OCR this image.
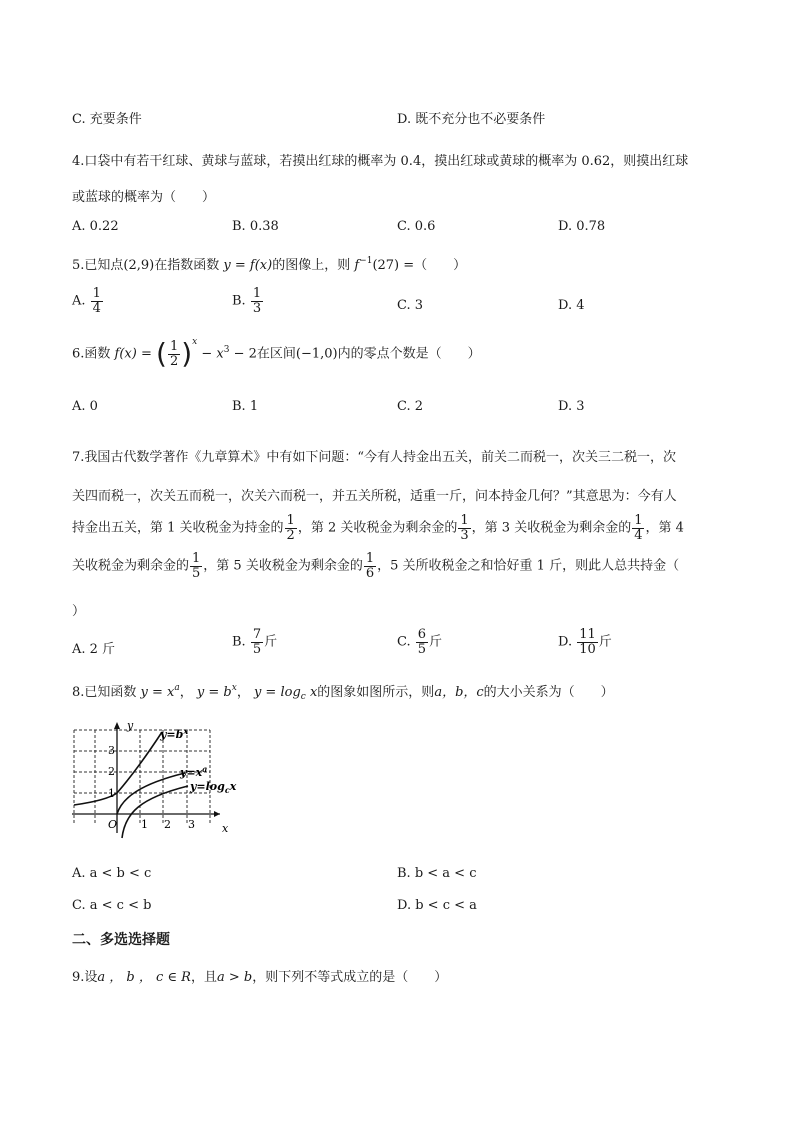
C. 充要条件	D. 既不充分也不必要条件
4.口袋中有若干红球、黄球与蓝球，若摸出红球的概率为 0.4，摸出红球或黄球的概率为 0.62，则摸出红球
或蓝球的概率为（　　）
A. 0.22	B. 0.38	C. 0.6	D. 0.78
5.已知点(2,9)在指数函数 y = f(x)的图像上，则 $f^{-1}(27)$ =（　　）
A. $\frac{1}{4}$	B. $\frac{1}{3}$	C. 3	D. 4
6.函数 f(x) = ( $\frac{1}{2} )^x - x^3 - 2$在区间(−1,0)内的零点个数是（　　）
A. 0	B. 1	C. 2	D. 3
7.我国古代数学著作《九章算术》中有如下问题：“今有人持金出五关，前关二而税一，次关三二税一，次
关四而税一，次关五而税一，次关六而税一，并五关所税，适重一斤，问本持金几何？”其意思为：今有人
持金出五关，第 1 关收税金为持金的 $\frac{1}{2}$ ，第 2 关收税金为剩余金的 $\frac{1}{3}$ ，第 3 关收税金为剩余金的 $\frac{1}{4}$ ，第 4
关收税金为剩余金的 $\frac{1}{5}$ ，第 5 关收税金为剩余金的 $\frac{1}{6}$ ，5 关所收税金之和恰好重 1 斤，则此人总共持金（
）
A. 2 斤	B. $\frac{7}{5}$ 斤	C. $\frac{6}{5}$ 斤	D. $\frac{11}{10}$ 斤
8.已知函数 $y = x^a$， $y = b^x$， $y = \log_c x$的图象如图所示，则a，b，c的大小关系为（　　）
y
x
O
3
2
1
1 2 3
$y=b^x$
$y=x^a$
$y=\log_cx$
A. a < b < c	B. b < a < c
C. a < c < b	D. b < c < a
二、多选选择题
9.设a ， b ， c ∈ R，且a > b，则下列不等式成立的是（　　）
